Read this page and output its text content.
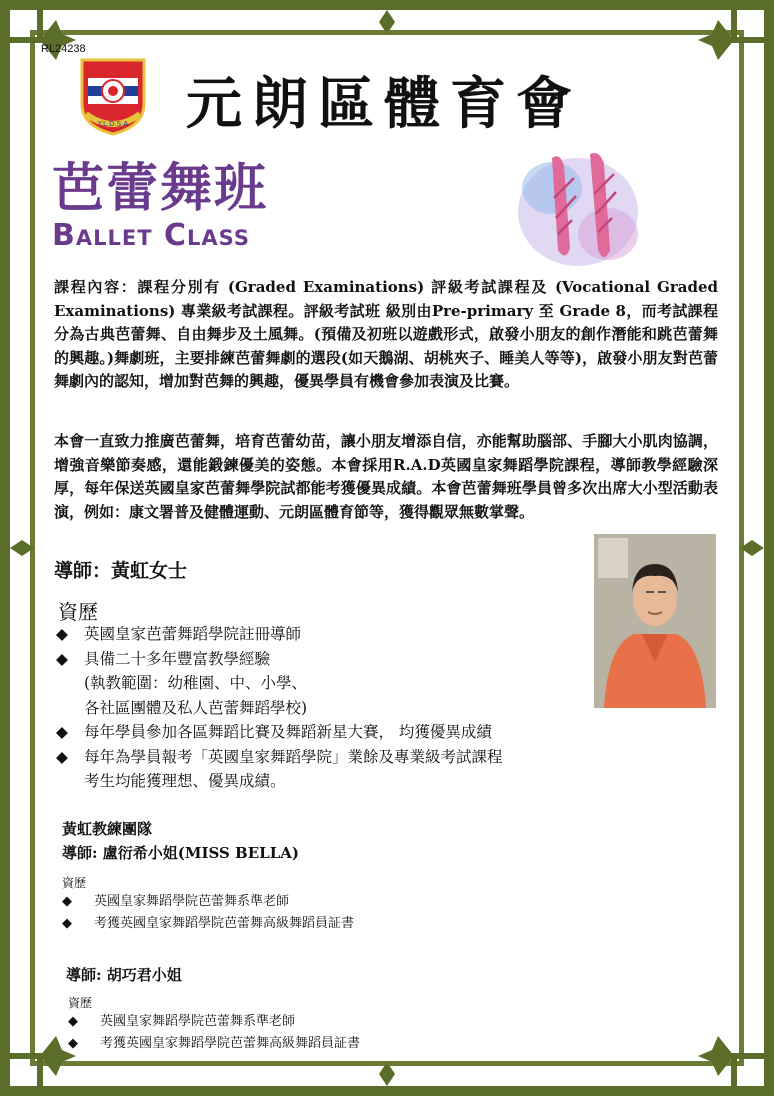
RL24238
Y.L.D.S.A 元朗區體育會
芭蕾舞班
Ballet Class
課程內容：課程分別有 (Graded Examinations) 評級考試課程及 (Vocational Graded Examinations) 專業級考試課程。評級考試班 級別由Pre-primary 至 Grade 8，而考試課程分為古典芭蕾舞、自由舞步及土風舞。(預備及初班以遊戲形式，啟發小朋友的創作潛能和跳芭蕾舞的興趣。)舞劇班，主要排練芭蕾舞劇的選段(如天鵝湖、胡桃夾子、睡美人等等)，啟發小朋友對芭蕾舞劇內的認知，增加對芭舞的興趣，優異學員有機會參加表演及比賽。
本會一直致力推廣芭蕾舞，培育芭蕾幼苗，讓小朋友增添自信，亦能幫助腦部、手腳大小肌肉協調，增強音樂節奏感，還能鍛鍊優美的姿態。本會採用R.A.D英國皇家舞蹈學院課程，導師教學經驗深厚，每年保送英國皇家芭蕾舞學院試都能考獲優異成績。本會芭蕾舞班學員曾多次出席大小型活動表演，例如：康文署普及健體運動、元朗區體育節等，獲得觀眾無數掌聲。
導師：黃虹女士
資歷
◆ 英國皇家芭蕾舞蹈學院註冊導師
◆ 具備二十多年豐富教學經驗
(執教範圍：幼稚園、中、小學、
各社區團體及私人芭蕾舞蹈學校)
◆ 每年學員參加各區舞蹈比賽及舞蹈新星大賽， 均獲優異成績
◆ 每年為學員報考「英國皇家舞蹈學院」業餘及專業級考試課程
考生均能獲理想、優異成績。
黃虹教練團隊
導師: 盧衍希小姐(MISS BELLA)
資歷
◆ 英國皇家舞蹈學院芭蕾舞系準老師
◆ 考獲英國皇家舞蹈學院芭蕾舞高級舞蹈員証書
導師: 胡巧君小姐
資歷
◆ 英國皇家舞蹈學院芭蕾舞系準老師
◆ 考獲英國皇家舞蹈學院芭蕾舞高級舞蹈員証書
